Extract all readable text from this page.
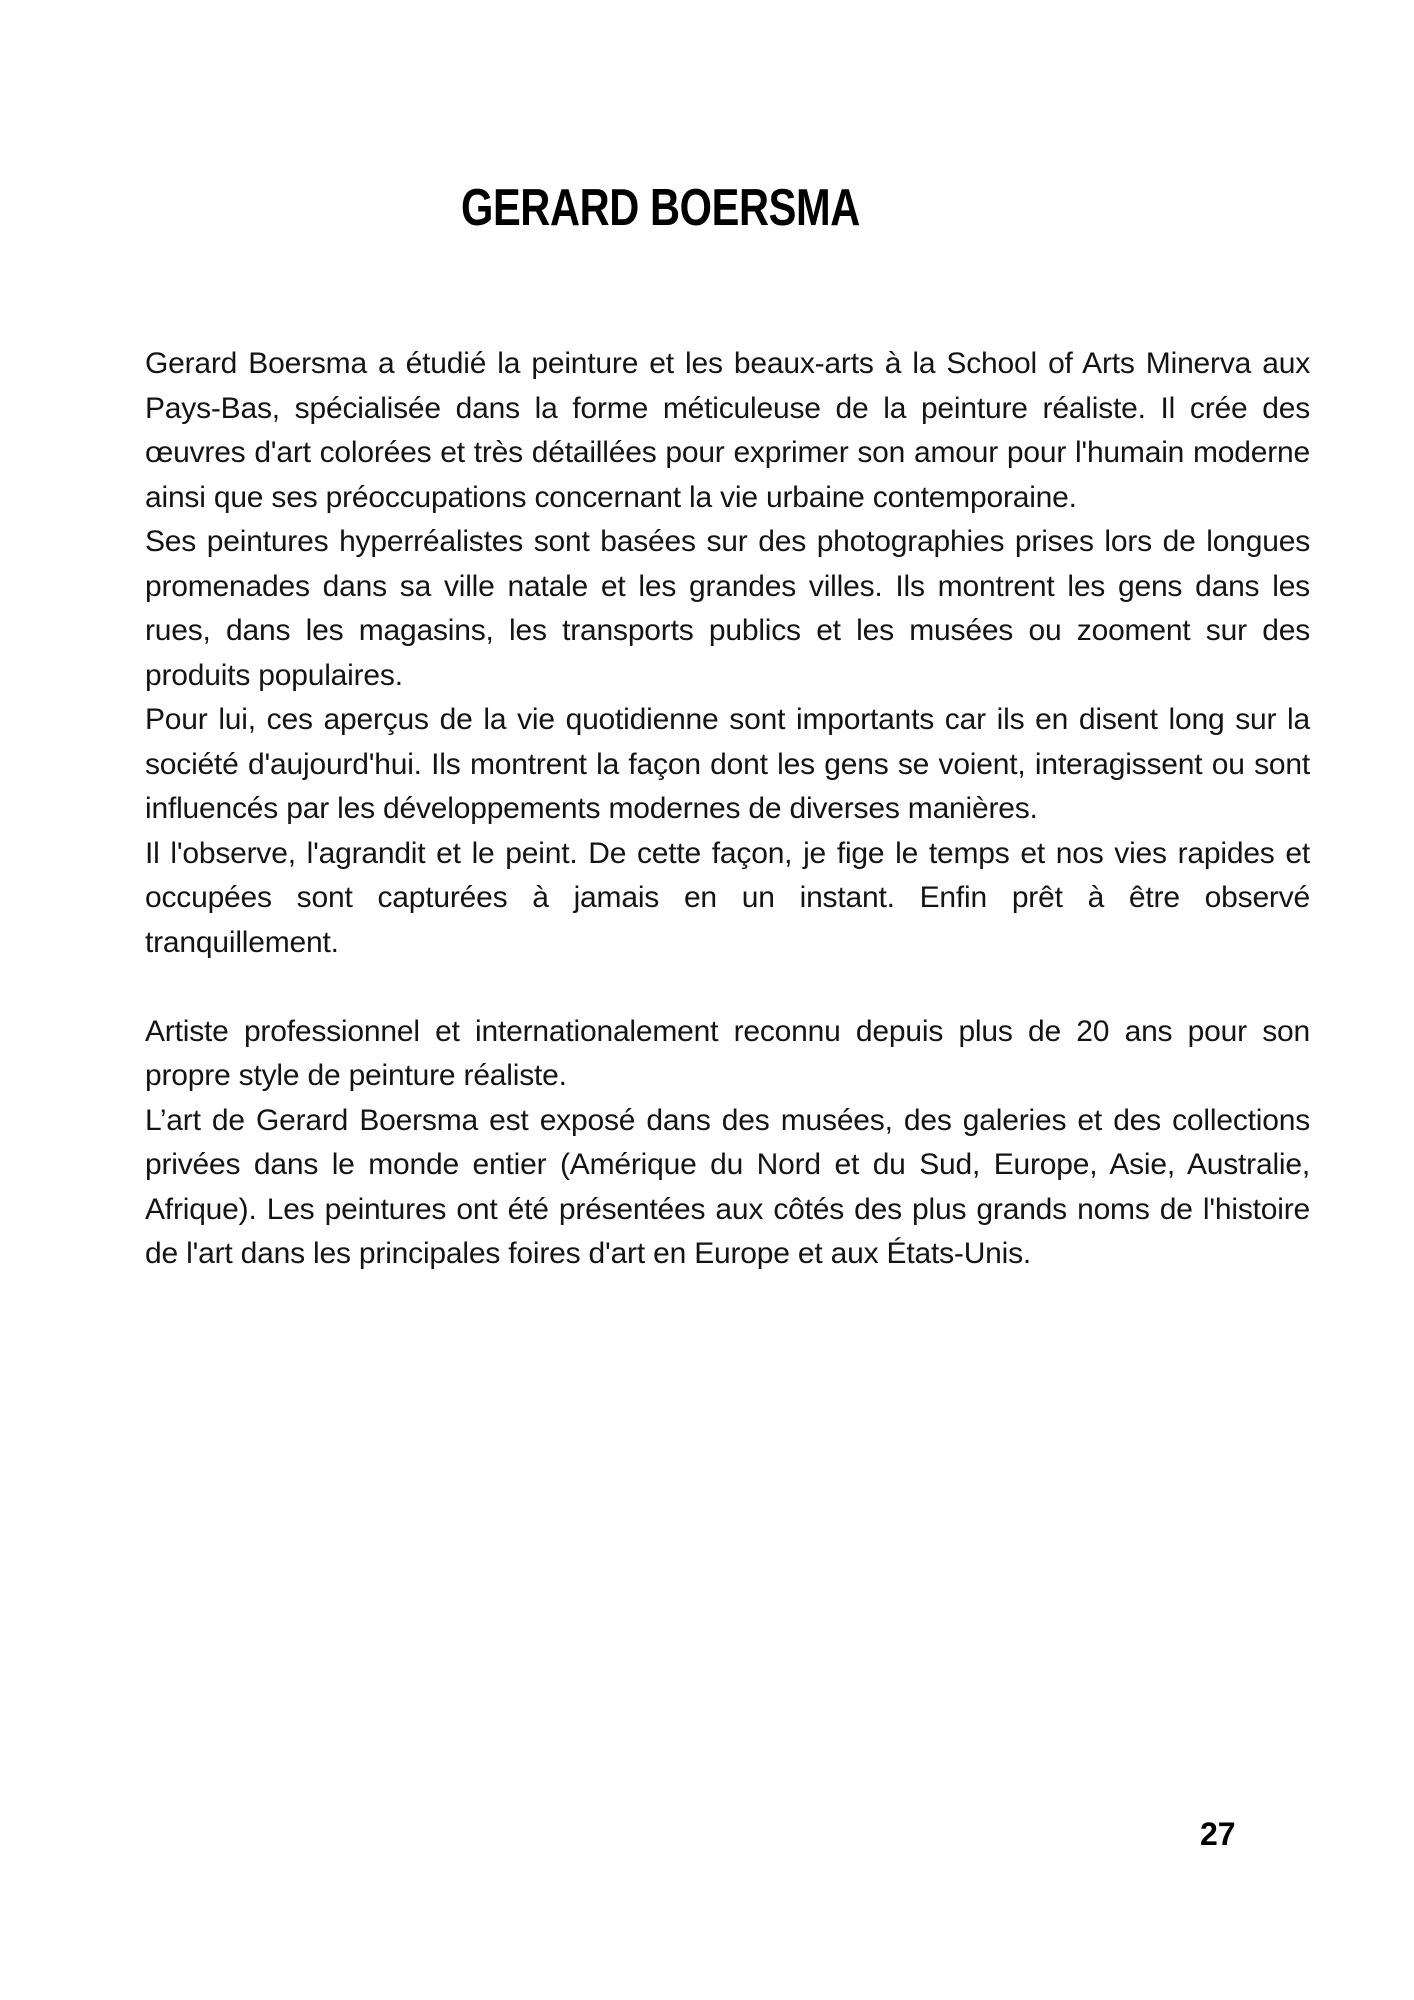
GERARD BOERSMA

Gerard Boersma a étudié la peinture et les beaux-arts à la School of Arts Minerva aux Pays-Bas, spécialisée dans la forme méticuleuse de la peinture réaliste. Il crée des œuvres d'art colorées et très détaillées pour exprimer son amour pour l'humain moderne ainsi que ses préoccupations concernant la vie urbaine contemporaine.

Ses peintures hyperréalistes sont basées sur des photographies prises lors de longues promenades dans sa ville natale et les grandes villes. Ils montrent les gens dans les rues, dans les magasins, les transports publics et les musées ou zooment sur des produits populaires.

Pour lui, ces aperçus de la vie quotidienne sont importants car ils en disent long sur la société d'aujourd'hui. Ils montrent la façon dont les gens se voient, interagissent ou sont influencés par les développements modernes de diverses manières.

Il l'observe, l'agrandit et le peint. De cette façon, je fige le temps et nos vies rapides et occupées sont capturées à jamais en un instant. Enfin prêt à être observé tranquillement.

Artiste professionnel et internationalement reconnu depuis plus de 20 ans pour son propre style de peinture réaliste.

L’art de Gerard Boersma est exposé dans des musées, des galeries et des collections privées dans le monde entier (Amérique du Nord et du Sud, Europe, Asie, Australie, Afrique). Les peintures ont été présentées aux côtés des plus grands noms de l'histoire de l'art dans les principales foires d'art en Europe et aux États-Unis.

27
